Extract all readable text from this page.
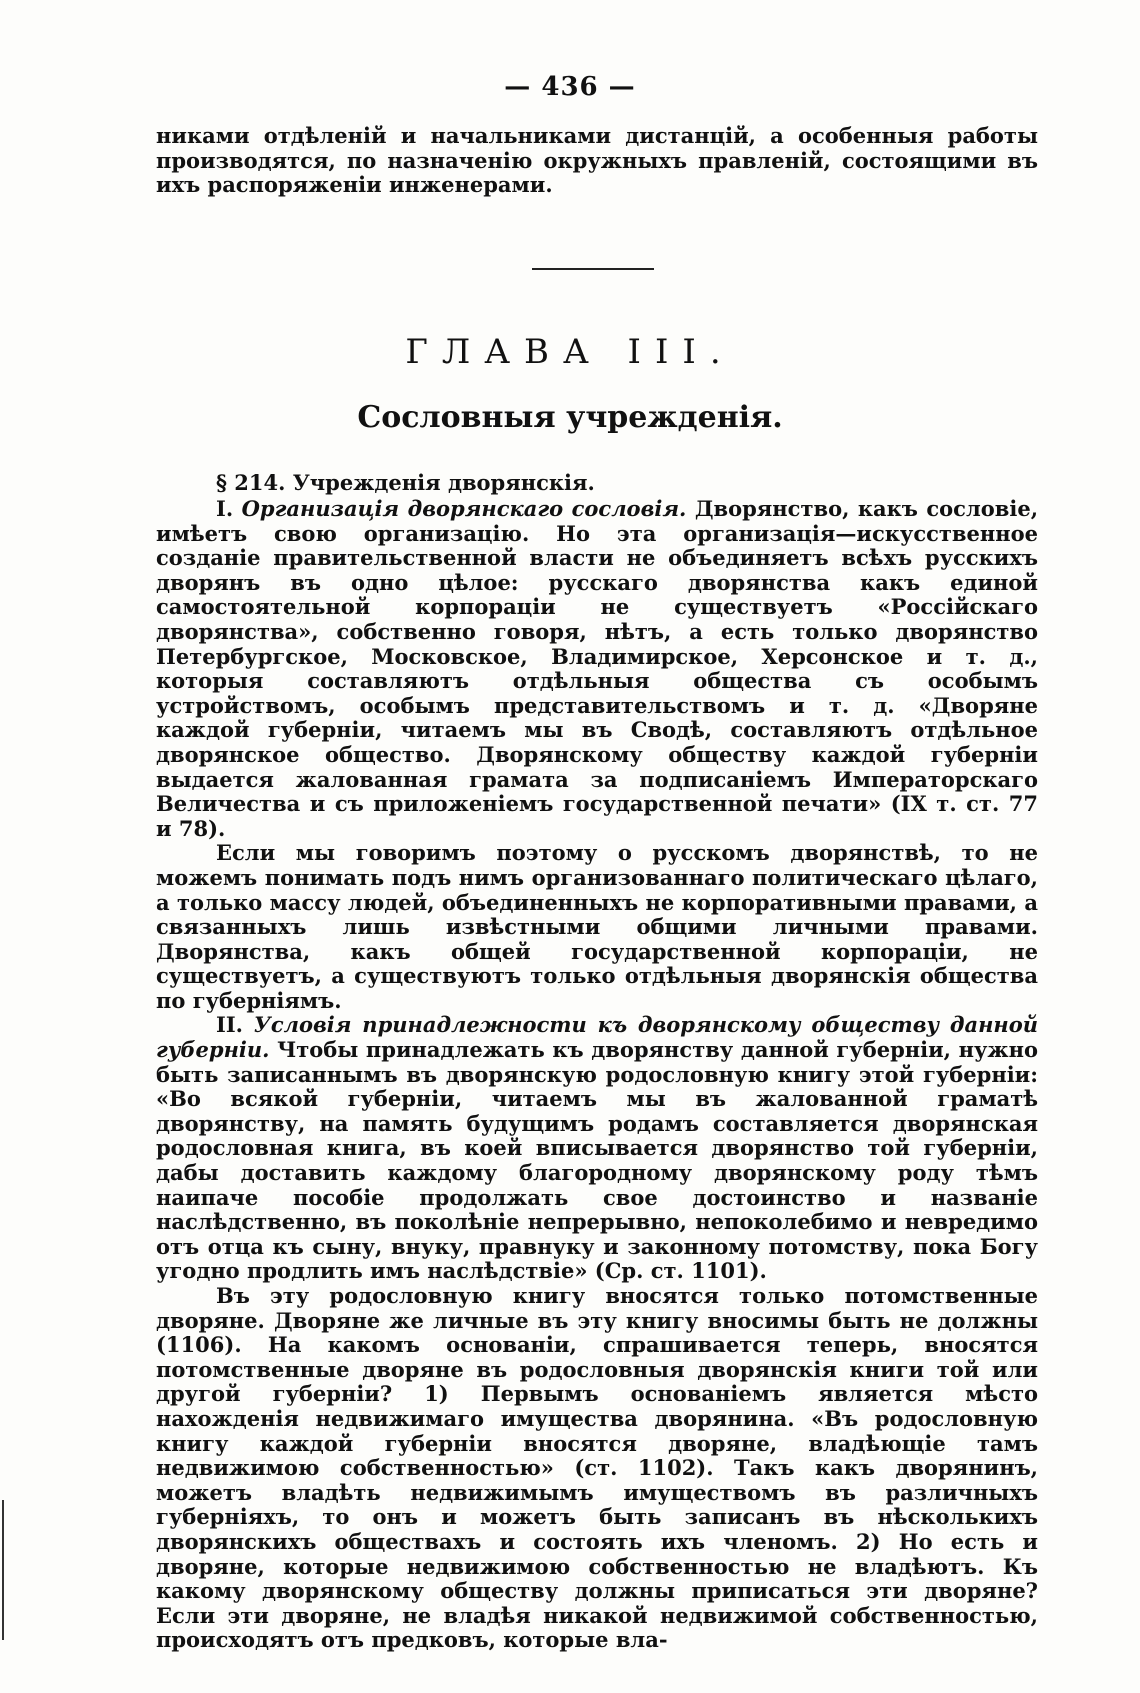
— 436 —

никами отдѣленій и начальниками дистанцій, а особенныя работы производятся, по назначенію окружныхъ правленій, состоящими въ ихъ распоряженіи инженерами.

ГЛАВА III.
Сословныя учрежденія.
§ 214. Учрежденія дворянскія.

I. Организація дворянскаго сословія. Дворянство, какъ сословіе, имѣетъ свою организацію. Но эта организація—искусственное созданіе правительственной власти не объединяетъ всѣхъ русскихъ дворянъ въ одно цѣлое: русскаго дворянства какъ единой самостоятельной корпораціи не существуетъ «Россійскаго дворянства», собственно говоря, нѣтъ, а есть только дворянство Петербургское, Московское, Владимирское, Херсонское и т. д., которыя составляютъ отдѣльныя общества съ особымъ устройствомъ, особымъ представительствомъ и т. д. «Дворяне каждой губерніи, читаемъ мы въ Сводѣ, составляютъ отдѣльное дворянское общество. Дворянскому обществу каждой губерніи выдается жалованная грамата за подписаніемъ Императорскаго Величества и съ приложеніемъ государственной печати» (IX т. ст. 77 и 78).

Если мы говоримъ поэтому о русскомъ дворянствѣ, то не можемъ понимать подъ нимъ организованнаго политическаго цѣлаго, а только массу людей, объединенныхъ не корпоративными правами, а связанныхъ лишь извѣстными общими личными правами. Дворянства, какъ общей государственной корпораціи, не существуетъ, а существуютъ только отдѣльныя дворянскія общества по губерніямъ.

II. Условія принадлежности къ дворянскому обществу данной губерніи. Чтобы принадлежать къ дворянству данной губерніи, нужно быть записаннымъ въ дворянскую родословную книгу этой губерніи: «Во всякой губерніи, читаемъ мы въ жалованной граматѣ дворянству, на память будущимъ родамъ составляется дворянская родословная книга, въ коей вписывается дворянство той губерніи, дабы доставить каждому благородному дворянскому роду тѣмъ наипаче пособіе продолжать свое достоинство и названіе наслѣдственно, въ поколѣніе непрерывно, непоколебимо и невредимо отъ отца къ сыну, внуку, правнуку и законному потомству, пока Богу угодно продлить имъ наслѣдствіе» (Ср. ст. 1101).

Въ эту родословную книгу вносятся только потомственные дворяне. Дворяне же личные въ эту книгу вносимы быть не должны (1106). На какомъ основаніи, спрашивается теперь, вносятся потомственные дворяне въ родословныя дворянскія книги той или другой губерніи? 1) Первымъ основаніемъ является мѣсто нахожденія недвижимаго имущества дворянина. «Въ родословную книгу каждой губерніи вносятся дворяне, владѣющіе тамъ недвижимою собственностью» (ст. 1102). Такъ какъ дворянинъ, можетъ владѣть недвижимымъ имуществомъ въ различныхъ губерніяхъ, то онъ и можетъ быть записанъ въ нѣсколькихъ дворянскихъ обществахъ и состоять ихъ членомъ. 2) Но есть и дворяне, которые недвижимою собственностью не владѣютъ. Къ какому дворянскому обществу должны приписаться эти дворяне? Если эти дворяне, не владѣя никакой недвижимой собственностью, происходятъ отъ предковъ, которые вла-
